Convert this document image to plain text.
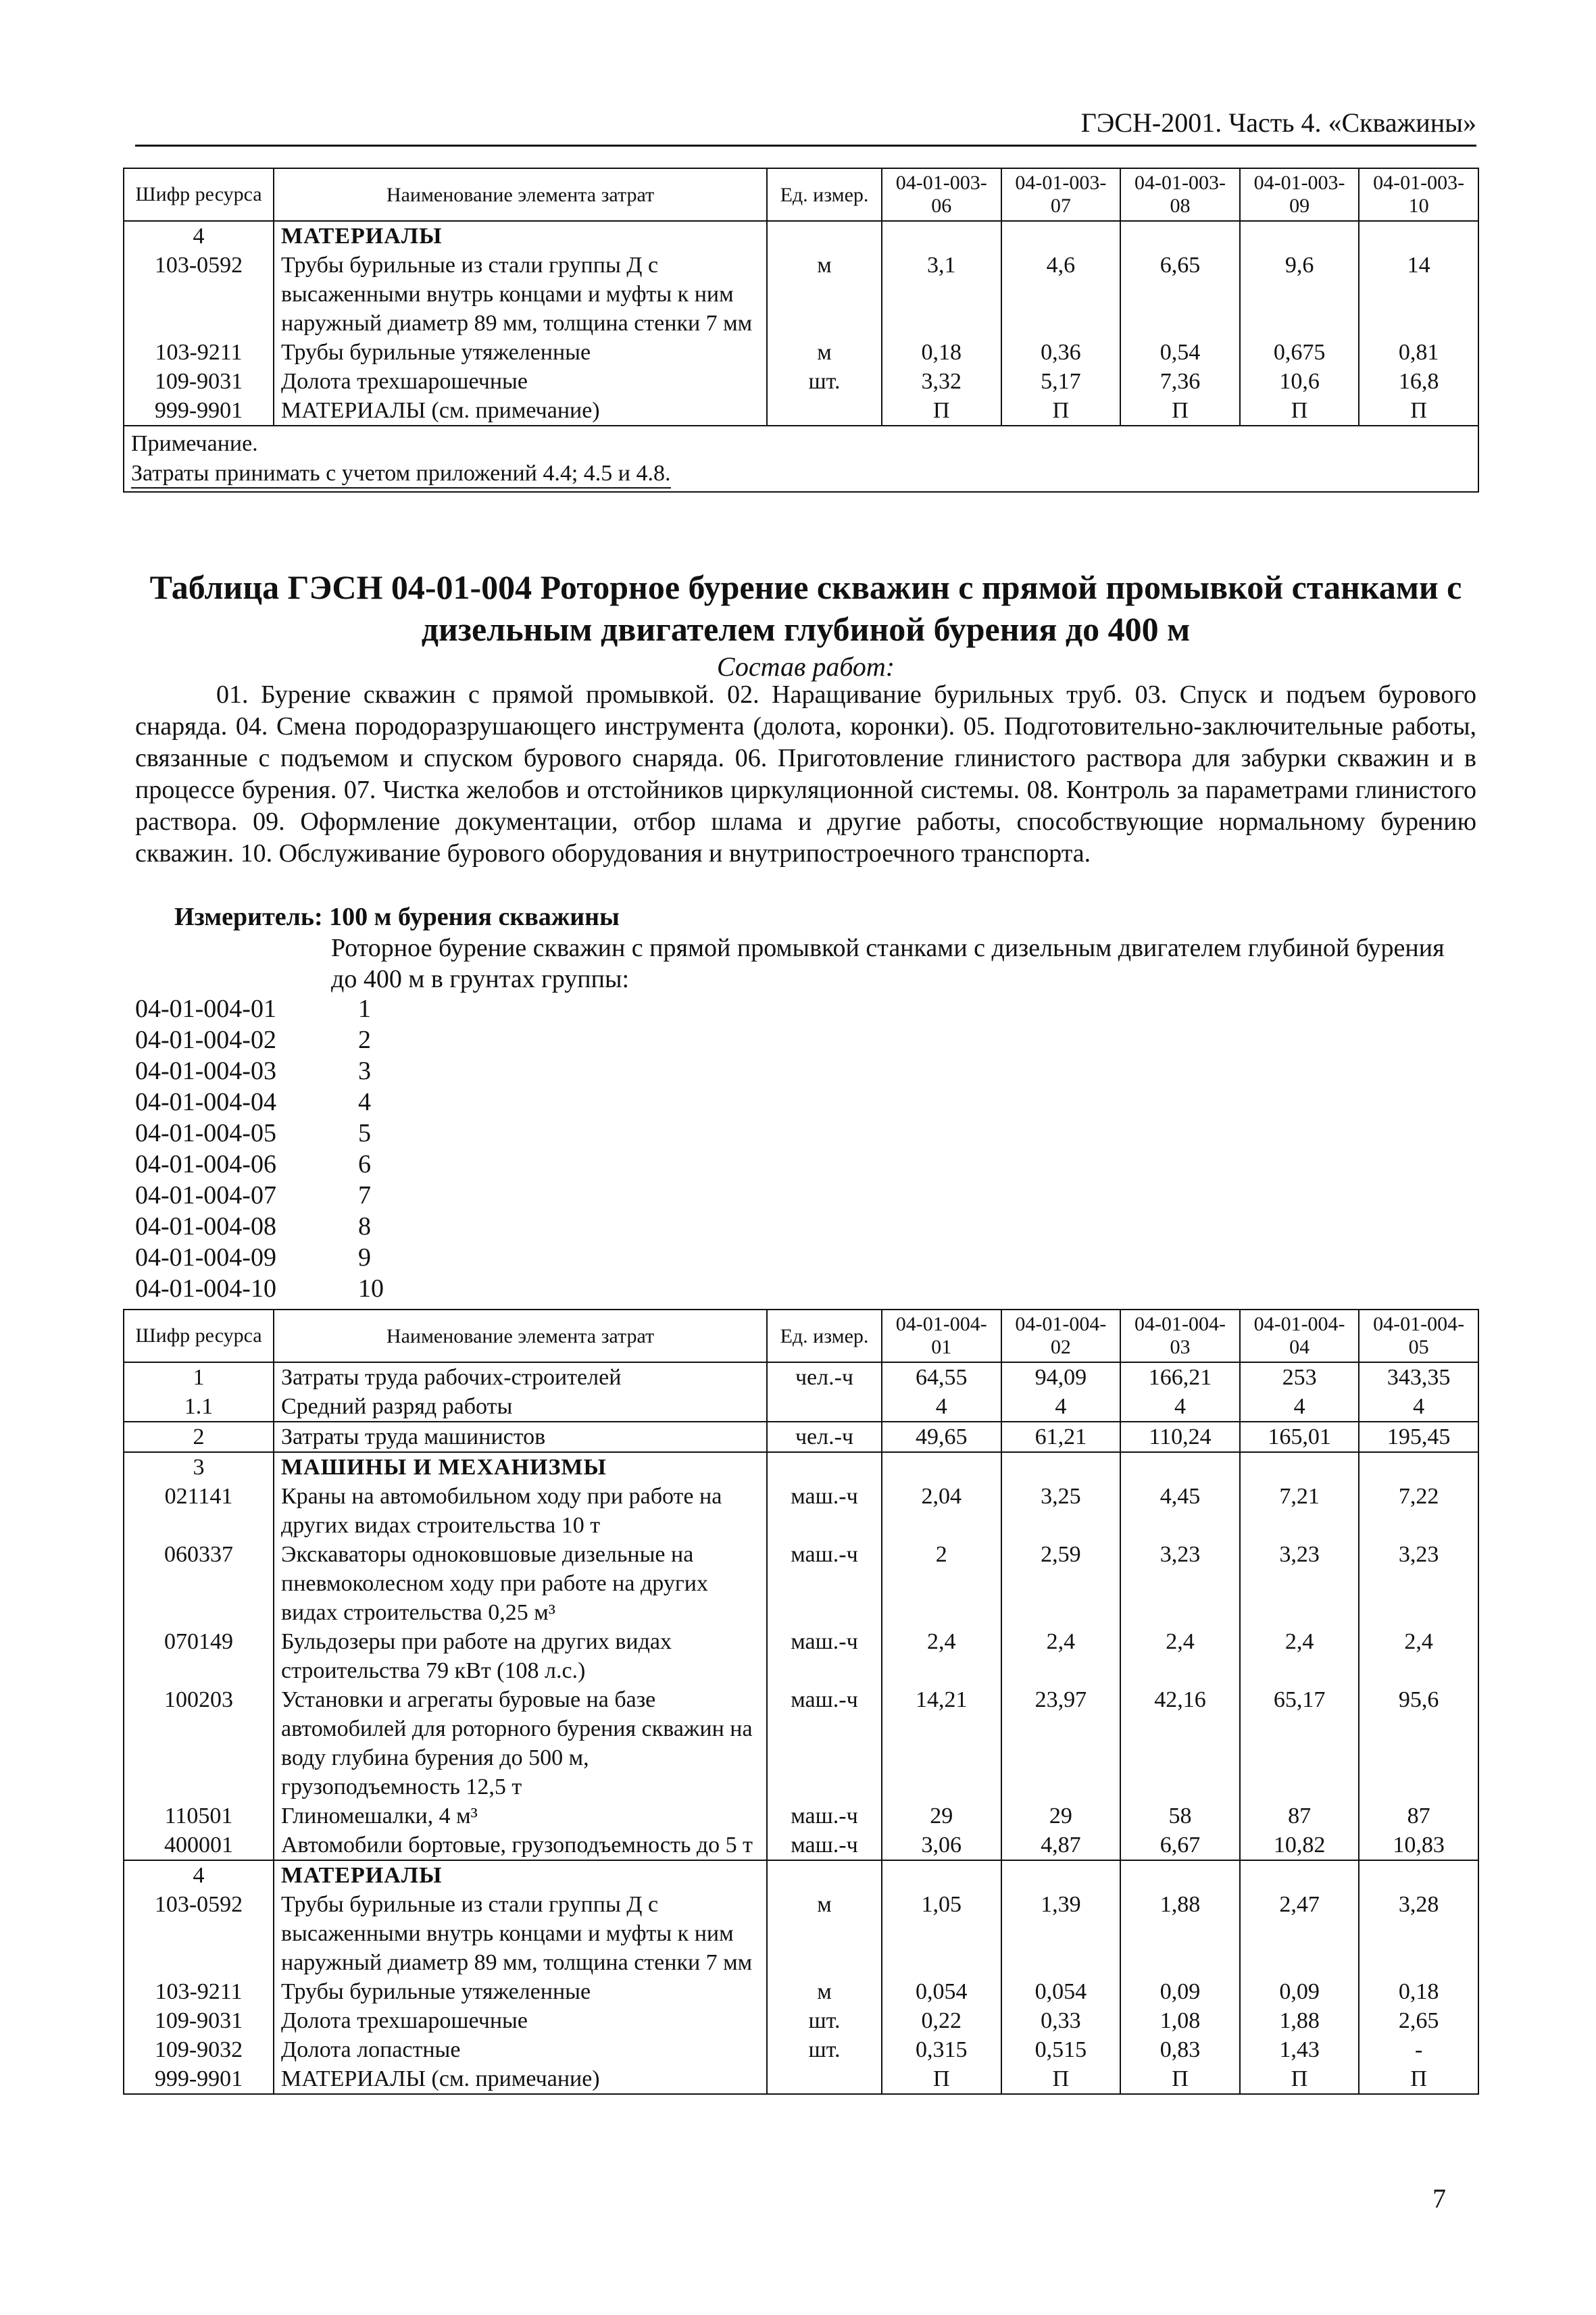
ГЭСН-2001. Часть 4. «Скважины»
Шифр ресурса	Наименование элемента затрат	Ед. измер.	04-01-003-06	04-01-003-07	04-01-003-08	04-01-003-09	04-01-003-10
4	МАТЕРИАЛЫ						
103-0592	Трубы бурильные из стали группы Д с высаженными внутрь концами и муфты к ним наружный диаметр 89 мм, толщина стенки 7 мм	м	3,1	4,6	6,65	9,6	14
103-9211	Трубы бурильные утяжеленные	м	0,18	0,36	0,54	0,675	0,81
109-9031	Долота трехшарошечные	шт.	3,32	5,17	7,36	10,6	16,8
999-9901	МАТЕРИАЛЫ (см. примечание)		П	П	П	П	П

Примечание.
Затраты принимать с учетом приложений 4.4; 4.5 и 4.8.							
Таблица ГЭСН 04-01-004 Роторное бурение скважин с прямой промывкой станками с дизельным двигателем глубиной бурения до 400 м
Состав работ:
01. Бурение скважин с прямой промывкой. 02. Наращивание бурильных труб. 03. Спуск и подъем бурового снаряда. 04. Смена породоразрушающего инструмента (долота, коронки). 05. Подготовительно-заключительные работы, связанные с подъемом и спуском бурового снаряда. 06. Приготовление глинистого раствора для забурки скважин и в процессе бурения. 07. Чистка желобов и отстойников циркуляционной системы. 08. Контроль за параметрами глинистого раствора. 09. Оформление документации, отбор шлама и другие работы, способствующие нормальному бурению скважин. 10. Обслуживание бурового оборудования и внутрипостроечного транспорта.
Измеритель: 100 м бурения скважины
Роторное бурение скважин с прямой промывкой станками с дизельным двигателем глубиной бурения до 400 м в грунтах группы:
04-01-004-01	1
04-01-004-02	2
04-01-004-03	3
04-01-004-04	4
04-01-004-05	5
04-01-004-06	6
04-01-004-07	7
04-01-004-08	8
04-01-004-09	9
04-01-004-10	10
Шифр ресурса	Наименование элемента затрат	Ед. измер.	04-01-004-01	04-01-004-02	04-01-004-03	04-01-004-04	04-01-004-05
1	Затраты труда рабочих-строителей	чел.-ч	64,55	94,09	166,21	253	343,35
1.1	Средний разряд работы		4	4	4	4	4
2	Затраты труда машинистов	чел.-ч	49,65	61,21	110,24	165,01	195,45
3	МАШИНЫ И МЕХАНИЗМЫ						
021141	Краны на автомобильном ходу при работе на других видах строительства 10 т	маш.-ч	2,04	3,25	4,45	7,21	7,22
060337	Экскаваторы одноковшовые дизельные на пневмоколесном ходу при работе на других видах строительства 0,25 м³	маш.-ч	2	2,59	3,23	3,23	3,23
070149	Бульдозеры при работе на других видах строительства 79 кВт (108 л.с.)	маш.-ч	2,4	2,4	2,4	2,4	2,4
100203	Установки и агрегаты буровые на базе автомобилей для роторного бурения скважин на воду глубина бурения до 500 м, грузоподъемность 12,5 т	маш.-ч	14,21	23,97	42,16	65,17	95,6
110501	Глиномешалки, 4 м³	маш.-ч	29	29	58	87	87
400001	Автомобили бортовые, грузоподъемность до 5 т	маш.-ч	3,06	4,87	6,67	10,82	10,83
4	МАТЕРИАЛЫ						
103-0592	Трубы бурильные из стали группы Д с высаженными внутрь концами и муфты к ним наружный диаметр 89 мм, толщина стенки 7 мм	м	1,05	1,39	1,88	2,47	3,28
103-9211	Трубы бурильные утяжеленные	м	0,054	0,054	0,09	0,09	0,18
109-9031	Долота трехшарошечные	шт.	0,22	0,33	1,08	1,88	2,65
109-9032	Долота лопастные	шт.	0,315	0,515	0,83	1,43	-
999-9901	МАТЕРИАЛЫ (см. примечание)		П	П	П	П	П
7
